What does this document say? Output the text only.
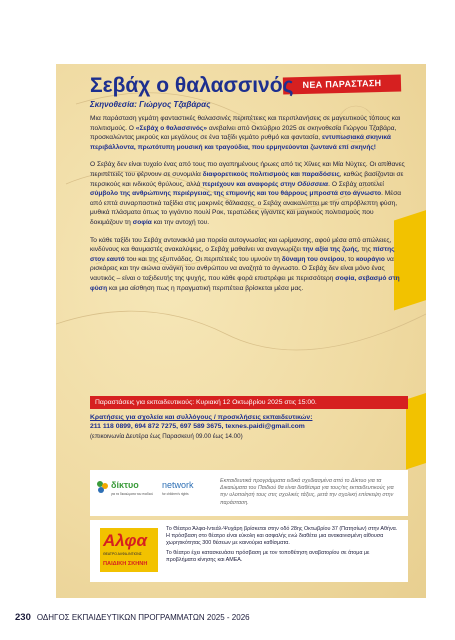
ΝΕΑ ΠΑΡΑΣΤΑΣΗ
Σεβάχ ο θαλασσινός
Σκηνοθεσία: Γιώργος Τζαβάρας

Μια παράσταση γεμάτη φανταστικές θαλασσινές περιπέτειες και περιπλανήσεις σε μαγευτικούς τόπους και πολιτισμούς. Ο «Σεβάχ ο θαλασσινός» ανεβαίνει από Οκτώβριο 2025 σε σκηνοθεσία Γιώργου Τζαβάρα, προσκαλώντας μικρούς και μεγάλους σε ένα ταξίδι γεμάτο ρυθμό και φαντασία, εντυπωσιακά σκηνικά περιβάλλοντα, πρωτότυπη μουσική και τραγούδια, που ερμηνεύονται ζωντανά επί σκηνής!

Ο Σεβάχ δεν είναι τυχαίο ένας από τους πιο αγαπημένους ήρωες από τις Χίλιες και Μία Νύχτες. Οι απίθανες περιπέτειές του φέρνουν σε συνομιλία διαφορετικούς πολιτισμούς και παραδόσεις, καθώς βασίζονται σε περσικούς και ινδικούς θρύλους, αλλά περιέχουν και αναφορές στην Οδύσσεια. Ο Σεβάχ αποτελεί σύμβολο της ανθρώπινης περιέργειας, της επιμονής και του θάρρους μπροστά στο άγνωστο. Μέσα από επτά συναρπαστικά ταξίδια στις μακρινές θάλασσες, ο Σεβάχ ανακαλύπτει με την απρόβλεπτη φύση, μυθικά πλάσματα όπως το γιγάντιο πουλί Ροκ, τερατώδεις γίγαντες και μαγικούς πολιτισμούς που δοκιμάζουν τη σοφία και την αντοχή του.

Το κάθε ταξίδι του Σεβάχ αντανακλά μια πορεία αυτογνωσίας και ωρίμανσης, αφού μέσα από απώλειες, κινδύνους και θαυμαστές ανακαλύψεις, ο Σεβάχ μαθαίνει να αναγνωρίζει την αξία της ζωής, της πίστης στον εαυτό του και της εξυπνάδας. Οι περιπέτειές του υμνούν τη δύναμη του ονείρου, το κουράγιο να ρισκάρεις και την αιώνια ανάγκη του ανθρώπου να αναζητά το άγνωστο. Ο Σεβάχ δεν είναι μόνο ένας ναυτικός – είναι ο ταξιδευτής της ψυχής, που κάθε φορά επιστρέφει με περισσότερη σοφία, σεβασμό στη φύση και μια αίσθηση πως η πραγματική περιπέτεια βρίσκεται μέσα μας.

Παραστάσεις για εκπαιδευτικούς: Κυριακή 12 Οκτωβρίου 2025 στις 15:00.
Κρατήσεις για σχολεία και συλλόγους / προσκλήσεις εκπαιδευτικών:
211 118 0899, 694 872 7275, 697 589 3675, texnes.paidi@gmail.com
(επικοινωνία Δευτέρα έως Παρασκευή 09.00 έως 14.00)
δίκτυο
για τα δικαιώματα του παιδιού
network
for children's rights
Εκπαιδευτικά προγράμματα ειδικά σχεδιασμένα από το Δίκτυο για τα Δικαιώματα του Παιδιού θα είναι διαθέσιμα για τους/τις εκπαιδευτικούς για την υλοποίησή τους στις σχολικές τάξεις, μετά την σχολική επίσκεψη στην παράσταση.
Αλφα
ΘΕΑΤΡΟ ΑΛΦΑ-ΙΝΤΙΟΝΣ
ΠΑΙΔΙΚΗ ΣΚΗΝΗ

Το Θέατρο Άλφα-Ιντεάλ-Ψυχάρη βρίσκεται στην οδό 28ης Οκτωβρίου 37 (Πατησίων) στην Αθήνα. Η πρόσβαση στο θέατρο είναι εύκολη και ασφαλής ενώ διαθέτει μια ανακαινισμένη αίθουσα χωρητικότητας 300 θέσεων με καινούρια καθίσματα.

Το θέατρο έχει κατασκευάσει πρόσβαση με τον τοποθέτηση αναβατορίου σε άτομα με προβλήματα κίνησης και ΑΜΕΑ.

230 ΟΔΗΓΟΣ ΕΚΠΑΙΔΕΥΤΙΚΩΝ ΠΡΟΓΡΑΜΜΑΤΩΝ 2025 - 2026
